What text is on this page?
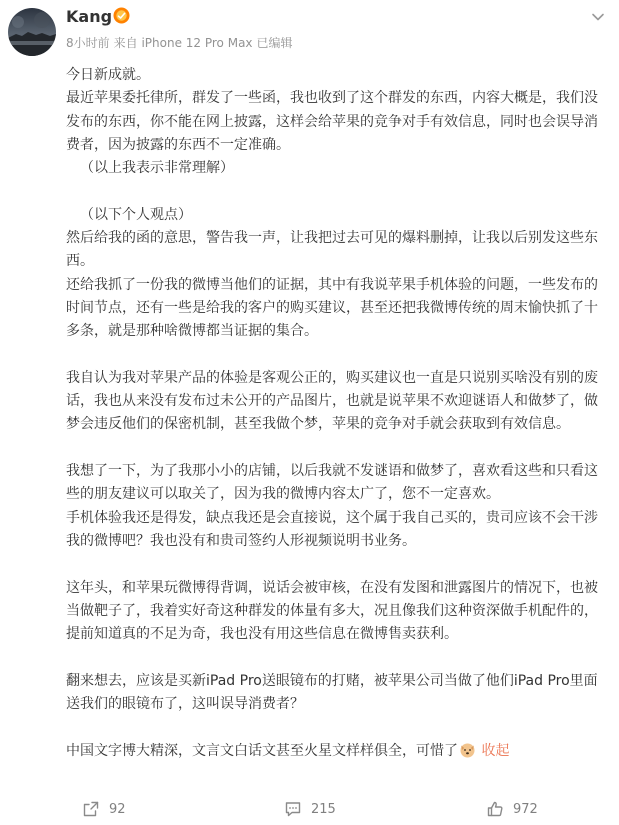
Kang
8小时前 来自 iPhone 12 Pro Max 已编辑

今日新成就。

最近苹果委托律所，群发了一些函，我也收到了这个群发的东西，内容大概是，我们没发布的东西，你不能在网上披露，这样会给苹果的竞争对手有效信息，同时也会误导消费者，因为披露的东西不一定准确。

（以上我表示非常理解）

（以下个人观点）

然后给我的函的意思，警告我一声，让我把过去可见的爆料删掉，让我以后别发这些东西。

还给我抓了一份我的微博当他们的证据，其中有我说苹果手机体验的问题，一些发布的时间节点，还有一些是给我的客户的购买建议，甚至还把我微博传统的周末愉快抓了十多条，就是那种啥微博都当证据的集合。

我自认为我对苹果产品的体验是客观公正的，购买建议也一直是只说别买啥没有别的废话，我也从来没有发布过未公开的产品图片，也就是说苹果不欢迎谜语人和做梦了，做梦会违反他们的保密机制，甚至我做个梦，苹果的竞争对手就会获取到有效信息。

我想了一下，为了我那小小的店铺，以后我就不发谜语和做梦了，喜欢看这些和只看这些的朋友建议可以取关了，因为我的微博内容太广了，您不一定喜欢。

手机体验我还是得发，缺点我还是会直接说，这个属于我自己买的，贵司应该不会干涉我的微博吧？我也没有和贵司签约人形视频说明书业务。

这年头，和苹果玩微博得背调，说话会被审核，在没有发图和泄露图片的情况下，也被当做靶子了，我着实好奇这种群发的体量有多大，况且像我们这种资深做手机配件的，提前知道真的不足为奇，我也没有用这些信息在微博售卖获利。

翻来想去，应该是买新iPad Pro送眼镜布的打赌，被苹果公司当做了他们iPad Pro里面送我们的眼镜布了，这叫误导消费者？

中国文字博大精深，文言文白话文甚至火星文样样俱全，可惜了 收起

92	215	972
